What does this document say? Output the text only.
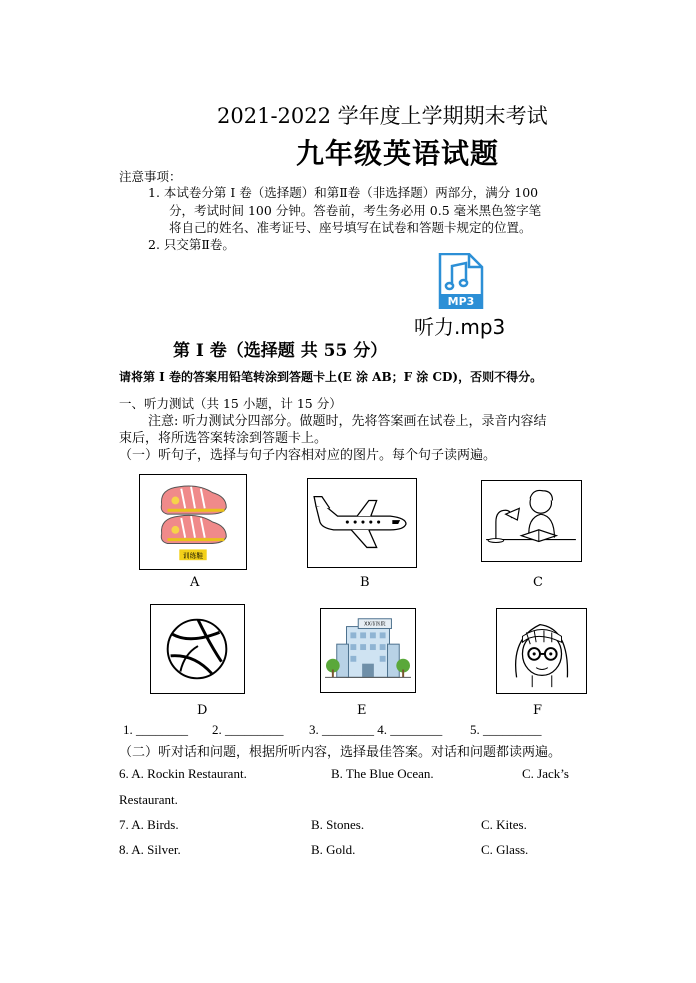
2021-2022 学年度上学期期末考试
九年级英语试题
注意事项：
1. 本试卷分第 I 卷（选择题）和第Ⅱ卷（非选择题）两部分，满分 100
分，考试时间 100 分钟。答卷前，考生务必用 0.5 毫米黑色签字笔
将自己的姓名、准考证号、座号填写在试卷和答题卡规定的位置。
2. 只交第Ⅱ卷。
MP3
听力.mp3
第 I 卷（选择题 共 55 分）
请将第 I 卷的答案用铅笔转涂到答题卡上(E 涂 AB；F 涂 CD)，否则不得分。
一、听力测试（共 15 小题，计 15 分）
注意: 听力测试分四部分。做题时，先将答案画在试卷上，录音内容结
束后，将所选答案转涂到答题卡上。
（一）听句子，选择与句子内容相对应的图片。每个句子读两遍。
训练鞋
A	B	C
D
XX市医院
E	F
1. ________ 2. _________ 3. ________ 4. ________ 5. _________
（二）听对话和问题，根据所听内容，选择最佳答案。对话和问题都读两遍。
6. A. Rockin Restaurant.	B. The Blue Ocean.	C. Jack’s
Restaurant.
7. A. Birds.	B. Stones.	C. Kites.
8. A. Silver.	B. Gold.	C. Glass.
